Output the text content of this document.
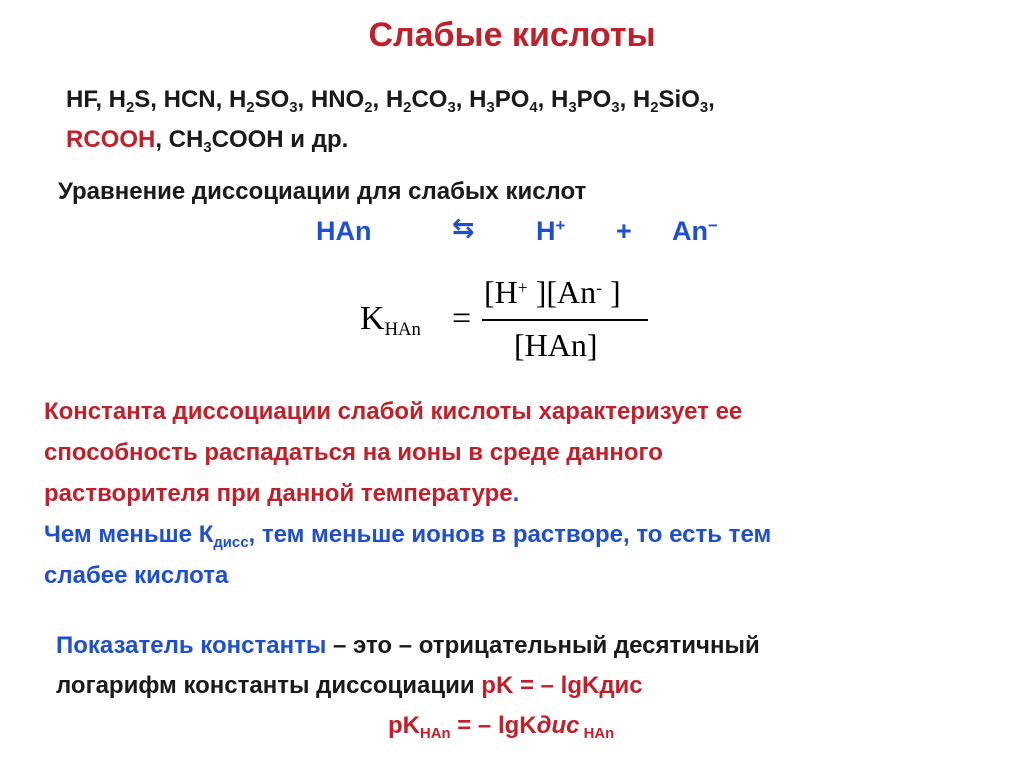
Слабые кислоты
HF, $H_2S$, HCN, $H_2SO_3$, $HNO_2$, $H_2CO_3$, $H_3PO_4$, $H_3PO_3$, $H_2SiO_3$,
RCOOH, $CH_3COOH$ и др.
Уравнение диссоциации для слабых кислот
HAn	⇆ H+ + An−
$K_{HAn}$ =
[H+ ][An- ]
[HAn]
Константа диссоциации слабой кислоты характеризует ее
способность распадаться на ионы в среде данного
растворителя при данной температуре.
Чем меньше $К_{дисс}$, тем меньше ионов в растворе, то есть тем
слабее кислота
Показатель константы – это – отрицательный десятичный
логарифм константы диссоциации pK = – lgKдис
$pK_{HAn}$ = – lgKдис $_{HAn}$
